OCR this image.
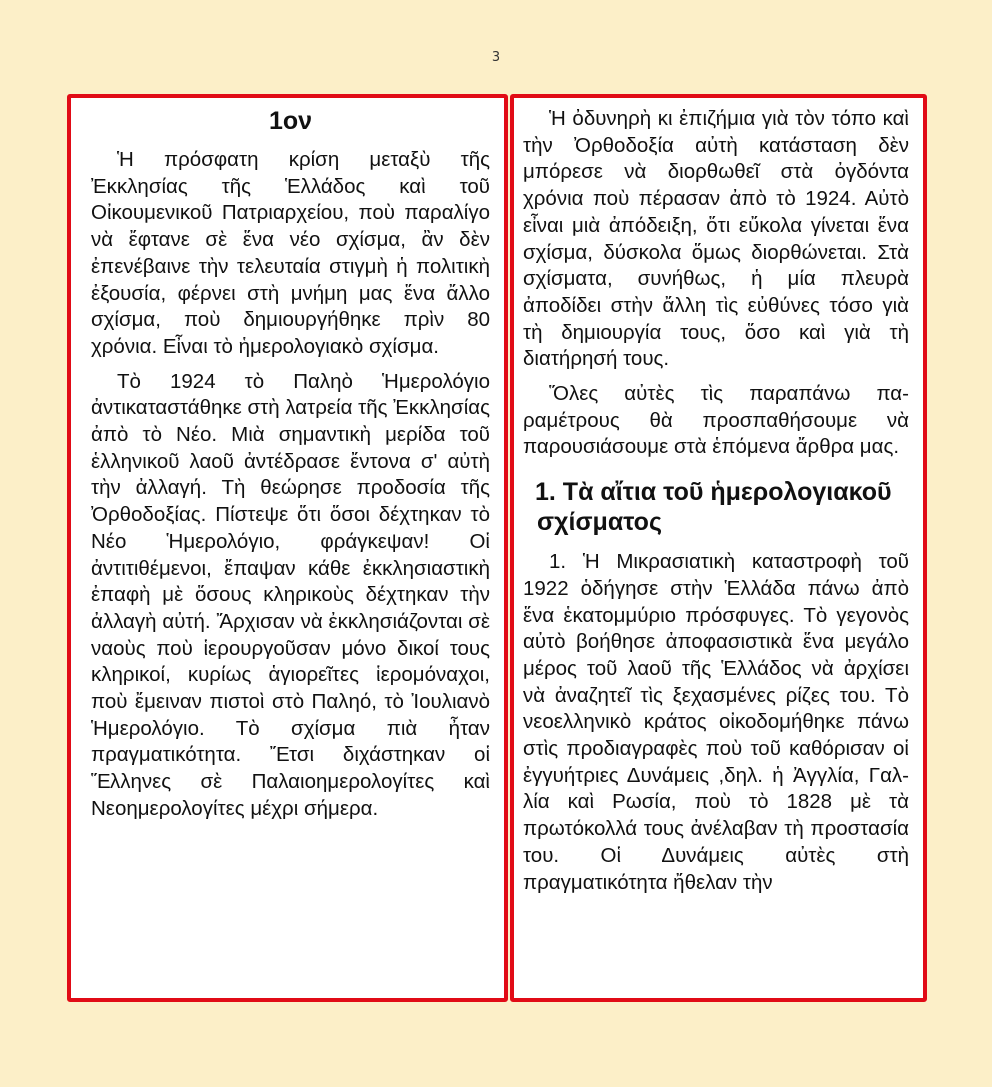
3
1ον

Ἡ πρόσφατη κρίση μεταξὺ τῆς Ἐκκλησίας τῆς Ἑλλάδος καὶ τοῦ Οἰκουμενικοῦ Πατριαρχείου, ποὺ παραλίγο νὰ ἔφτανε σὲ ἕνα νέο σχίσμα, ἂν δὲν ἐπενέβαινε τὴν τελευταία στιγμὴ ἡ πολιτικὴ ἐξουσία, φέρνει στὴ μνήμη μας ἕνα ἄλλο σχίσμα, ποὺ δημιουργήθηκε πρὶν 80 χρόνια. Εἶναι τὸ ἡμερολογιακὸ σχίσμα.

Τὸ 1924 τὸ Παληὸ Ἡμερολόγιο ἀντικαταστάθηκε στὴ λατρεία τῆς Ἐκκλησίας ἀπὸ τὸ Νέο. Μιὰ σημαντικὴ μερίδα τοῦ ἑλληνικοῦ λαοῦ ἀντέδρασε ἔντονα σ' αὐτὴ τὴν ἀλλαγή. Τὴ θεώρησε προδοσία τῆς Ὀρθοδοξίας. Πίστεψε ὅτι ὅσοι δέχτηκαν τὸ Νέο Ἡμερολόγιο, φράγκεψαν! Οἱ ἀντιτιθέμενοι, ἔπαψαν κάθε ἐκκλησιαστικὴ ἐπαφὴ μὲ ὅσους κληρικοὺς δέχτηκαν τὴν ἀλλαγὴ αὐτή. Ἄρχισαν νὰ ἐκκλησιάζονται σὲ ναοὺς ποὺ ἱερουργοῦσαν μόνο δικοί τους κληρικοί, κυρίως ἁγιορεῖτες ἱερομόναχοι, ποὺ ἔμειναν πιστοὶ στὸ Παληό, τὸ Ἰουλιανὸ Ἡμερολόγιο. Τὸ σχίσμα πιὰ ἦταν πραγματικότητα. Ἔτσι διχάστηκαν οἱ Ἕλληνες σὲ Παλαιοημερολογίτες καὶ Νεοημερολογίτες μέχρι σήμερα.

Ἡ ὀδυνηρὴ κι ἐπιζήμια γιὰ τὸν τόπο καὶ τὴν Ὀρθοδοξία αὐτὴ κατάσταση δὲν μπόρεσε νὰ διορθωθεῖ στὰ ὀγδόντα χρόνια ποὺ πέρασαν ἀπὸ τὸ 1924. Αὐτὸ εἶναι μιὰ ἀπόδειξη, ὅτι εὔκολα γίνεται ἕνα σχίσμα, δύσκολα ὅμως διορθώνεται. Στὰ σχίσματα, συνήθως, ἡ μία πλευρὰ ἀποδίδει στὴν ἄλλη τὶς εὐθύνες τόσο γιὰ τὴ δημιουργία τους, ὅσο καὶ γιὰ τὴ διατήρησή τους.

Ὅλες αὐτὲς τὶς παραπάνω παραμέτρους θὰ προσπαθήσουμε νὰ παρουσιάσουμε στὰ ἑπόμενα ἄρθρα μας.

1. Τὰ αἴτια τοῦ ἡμερολογιακοῦ σχίσματος

1. Ἡ Μικρασιατικὴ καταστροφὴ τοῦ 1922 ὁδήγησε στὴν Ἑλλάδα πάνω ἀπὸ ἕνα ἑκατομμύριο πρόσφυγες. Τὸ γεγονὸς αὐτὸ βοήθησε ἀποφασιστικὰ ἕνα μεγάλο μέρος τοῦ λαοῦ τῆς Ἑλλάδος νὰ ἀρχίσει νὰ ἀναζητεῖ τὶς ξεχασμένες ρίζες του. Τὸ νεοελληνικὸ κράτος οἰκοδομήθηκε πάνω στὶς προδιαγραφὲς ποὺ τοῦ καθόρισαν οἱ ἐγγυήτριες Δυνάμεις ,δηλ. ἡ Ἀγγλία, Γαλλία καὶ Ρωσία, ποὺ τὸ 1828 μὲ τὰ πρωτόκολλά τους ἀνέλαβαν τὴ προστασία του. Οἱ Δυνάμεις αὐτὲς στὴ πραγματικότητα ἤθελαν τὴν
